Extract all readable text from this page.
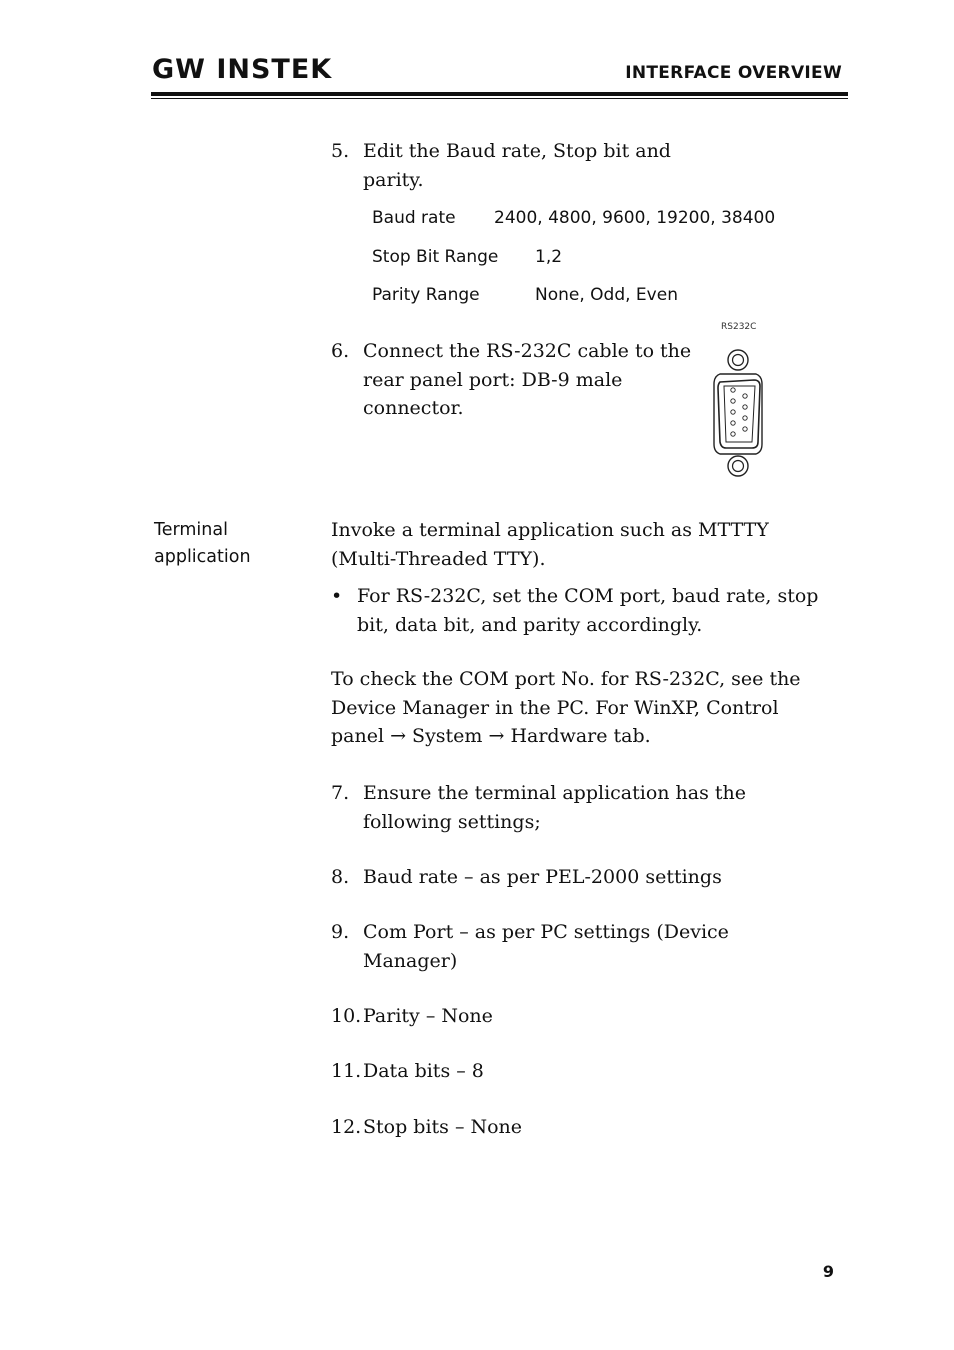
GW INSTEK	INTERFACE OVERVIEW
5. Edit the Baud rate, Stop bit and
parity.
Baud rate 2400, 4800, 9600, 19200, 38400
Stop Bit Range 1,2
Parity Range	None, Odd, Even
6. Connect the RS-232C cable to the
rear panel port: DB-9 male
connector.
RS232C
Terminal
application
Invoke a terminal application such as MTTTY
(Multi-Threaded TTY).
• For RS-232C, set the COM port, baud rate, stop
bit, data bit, and parity accordingly.
To check the COM port No. for RS-232C, see the
Device Manager in the PC. For WinXP, Control
panel → System → Hardware tab.
7. Ensure the terminal application has the
following settings;
8. Baud rate – as per PEL-2000 settings
9. Com Port – as per PC settings (Device
Manager)
10. Parity – None
11. Data bits – 8
12. Stop bits – None
9
